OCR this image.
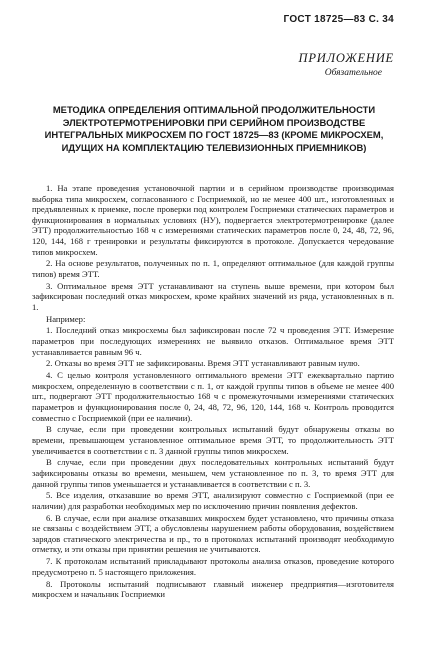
ГОСТ 18725—83 С. 34
ПРИЛОЖЕНИЕ
Обязательное
МЕТОДИКА ОПРЕДЕЛЕНИЯ ОПТИМАЛЬНОЙ ПРОДОЛЖИТЕЛЬНОСТИ ЭЛЕКТРОТЕРМОТРЕНИРОВКИ ПРИ СЕРИЙНОМ ПРОИЗВОДСТВЕ ИНТЕГРАЛЬНЫХ МИКРОСХЕМ ПО ГОСТ 18725—83 (КРОМЕ МИКРОСХЕМ, ИДУЩИХ НА КОМПЛЕКТАЦИЮ ТЕЛЕВИЗИОННЫХ ПРИЕМНИКОВ)

1. На этапе проведения установочной партии и в серийном производстве производимая выборка типа микросхем, согласованного с Госприемкой, но не менее 400 шт., изготовленных и предъявленных к приемке, после проверки под контролем Госприемки статических параметров и функционирования в нормальных условиях (НУ), подвергается электротермотренировке (далее ЭТТ) продолжительностью 168 ч с измерениями статических параметров после 0, 24, 48, 72, 96, 120, 144, 168 г тренировки и результаты фиксируются в протоколе. Допускается чередование типов микросхем.

2. На основе результатов, полученных по п. 1, определяют оптимальное (для каждой группы типов) время ЭТТ.

3. Оптимальное время ЭТТ устанавливают на ступень выше времени, при котором был зафиксирован последний отказ микросхем, кроме крайних значений из ряда, установленных в п. 1.

Например:

1. Последний отказ микросхемы был зафиксирован после 72 ч проведения ЭТТ. Измерение параметров при последующих измерениях не выявило отказов. Оптимальное время ЭТТ устанавливается равным 96 ч.

2. Отказы во время ЭТТ не зафиксированы. Время ЭТТ устанавливают равным нулю.

4. С целью контроля установленного оптимального времени ЭТТ ежеквартально партию микросхем, определенную в соответствии с п. 1, от каждой группы типов в объеме не менее 400 шт., подвергают ЭТТ продолжительностью 168 ч с промежуточными измерениями статических параметров и функционирования после 0, 24, 48, 72, 96, 120, 144, 168 ч. Контроль проводится совместно с Госприемкой (при ее наличии).

В случае, если при проведении контрольных испытаний будут обнаружены отказы во времени, превышающем установленное оптимальное время ЭТТ, то продолжительность ЭТТ увеличивается в соответствии с п. 3 данной группы типов микросхем.

В случае, если при проведении двух последовательных контрольных испытаний будут зафиксированы отказы во времени, меньшем, чем установленное по п. 3, то время ЭТТ для данной группы типов уменьшается и устанавливается в соответствии с п. 3.

5. Все изделия, отказавшие во время ЭТТ, анализируют совместно с Госприемкой (при ее наличии) для разработки необходимых мер по исключению причин появления дефектов.

6. В случае, если при анализе отказавших микросхем будет установлено, что причины отказа не связаны с воздействием ЭТТ, а обусловлены нарушением работы оборудования, воздействием зарядов статического электричества и пр., то в протоколах испытаний производят необходимую отметку, и эти отказы при принятии решения не учитываются.

7. К протоколам испытаний прикладывают протоколы анализа отказов, проведение которого предусмотрено п. 5 настоящего приложения.

8. Протоколы испытаний подписывают главный инженер предприятия—изготовителя микросхем и начальник Госприемки
